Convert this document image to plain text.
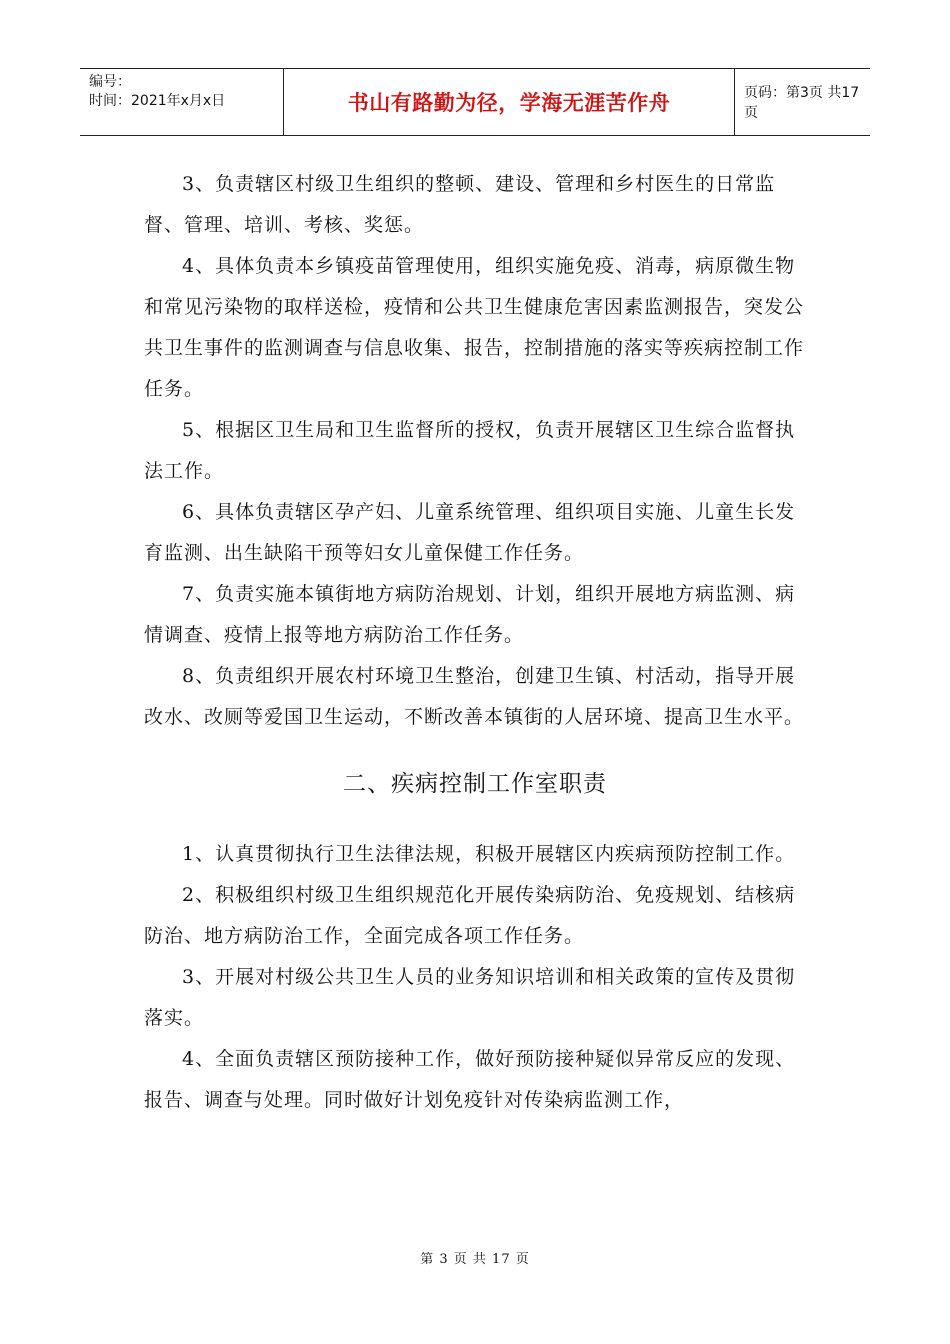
编号：
时间：2021年x月x日	书山有路勤为径，学海无涯苦作舟	页码：第3页 共17页

3、负责辖区村级卫生组织的整顿、建设、管理和乡村医生的日常监督、管理、培训、考核、奖惩。

4、具体负责本乡镇疫苗管理使用，组织实施免疫、消毒，病原微生物和常见污染物的取样送检，疫情和公共卫生健康危害因素监测报告，突发公共卫生事件的监测调查与信息收集、报告，控制措施的落实等疾病控制工作任务。

5、根据区卫生局和卫生监督所的授权，负责开展辖区卫生综合监督执法工作。

6、具体负责辖区孕产妇、儿童系统管理、组织项目实施、儿童生长发育监测、出生缺陷干预等妇女儿童保健工作任务。

7、负责实施本镇街地方病防治规划、计划，组织开展地方病监测、病情调查、疫情上报等地方病防治工作任务。

8、负责组织开展农村环境卫生整治，创建卫生镇、村活动，指导开展改水、改厕等爱国卫生运动，不断改善本镇街的人居环境、提高卫生水平。

二、疾病控制工作室职责

1、认真贯彻执行卫生法律法规，积极开展辖区内疾病预防控制工作。

2、积极组织村级卫生组织规范化开展传染病防治、免疫规划、结核病防治、地方病防治工作，全面完成各项工作任务。

3、开展对村级公共卫生人员的业务知识培训和相关政策的宣传及贯彻落实。

4、全面负责辖区预防接种工作，做好预防接种疑似异常反应的发现、报告、调查与处理。同时做好计划免疫针对传染病监测工作，

第 3 页 共 17 页
